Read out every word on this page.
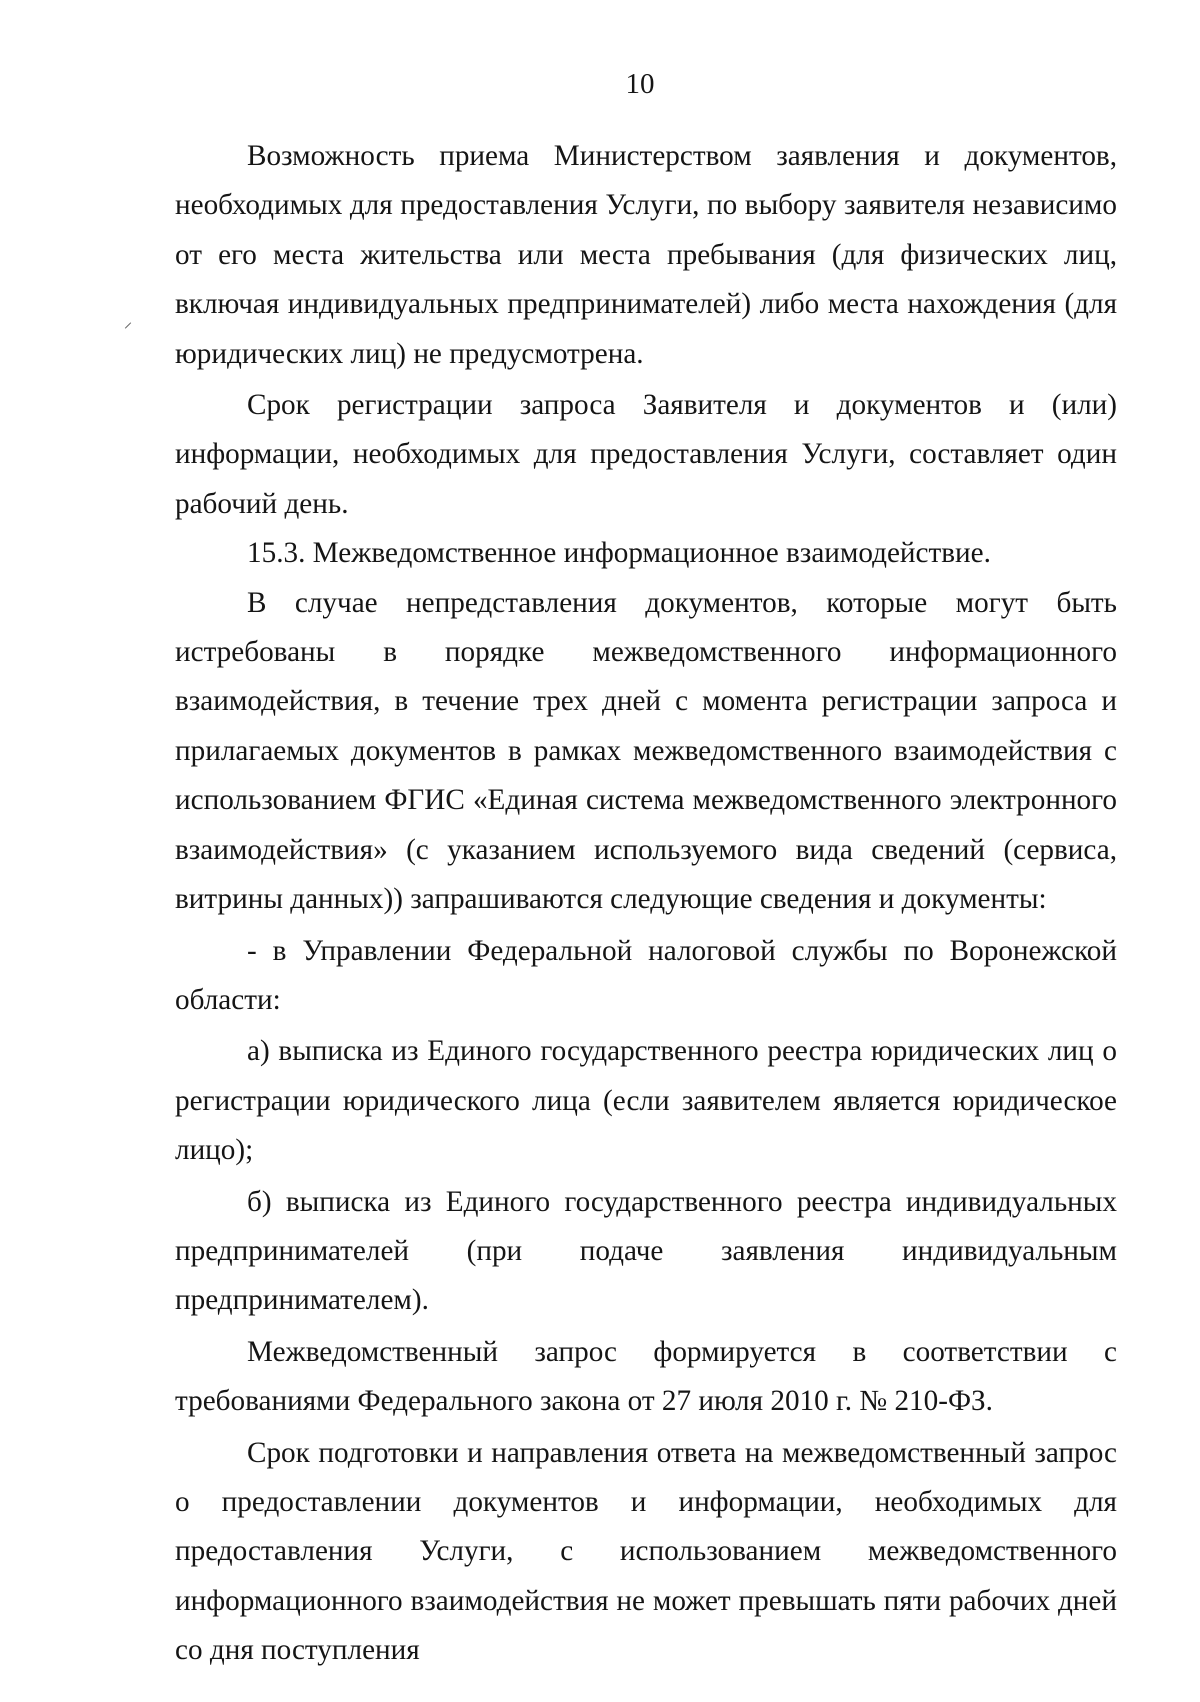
10

Возможность приема Министерством заявления и документов, необходимых для предоставления Услуги, по выбору заявителя независимо от его места жительства или места пребывания (для физических лиц, включая индивидуальных предпринимателей) либо места нахождения (для юридических лиц) не предусмотрена.

Срок регистрации запроса Заявителя и документов и (или) информации, необходимых для предоставления Услуги, составляет один рабочий день.

15.3. Межведомственное информационное взаимодействие.

В случае непредставления документов, которые могут быть истребованы в порядке межведомственного информационного взаимодействия, в течение трех дней с момента регистрации запроса и прилагаемых документов в рамках межведомственного взаимодействия с использованием ФГИС «Единая система межведомственного электронного взаимодействия» (с указанием используемого вида сведений (сервиса, витрины данных)) запрашиваются следующие сведения и документы:

- в Управлении Федеральной налоговой службы по Воронежской области:

а) выписка из Единого государственного реестра юридических лиц о регистрации юридического лица (если заявителем является юридическое лицо);

б) выписка из Единого государственного реестра индивидуальных предпринимателей (при подаче заявления индивидуальным предпринимателем).

Межведомственный запрос формируется в соответствии с требованиями Федерального закона от 27 июля 2010 г. № 210-ФЗ.

Срок подготовки и направления ответа на межведомственный запрос о предоставлении документов и информации, необходимых для предоставления Услуги, с использованием межведомственного информационного взаимодействия не может превышать пяти рабочих дней со дня поступления
